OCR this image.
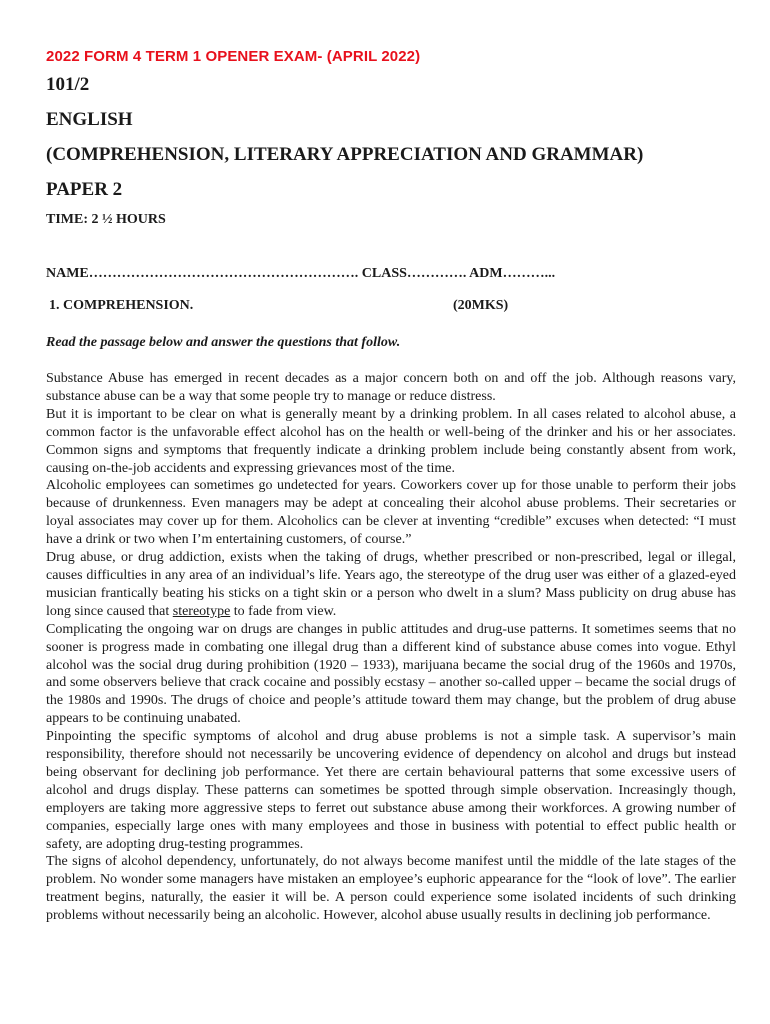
2022 FORM 4 TERM 1 OPENER EXAM- (APRIL 2022)
101/2
ENGLISH
(COMPREHENSION, LITERARY APPRECIATION AND GRAMMAR)
PAPER 2
TIME: 2 ½ HOURS
NAME…………………………………………………. CLASS…………. ADM………...
1. COMPREHENSION.	(20MKS)
Read the passage below and answer the questions that follow.

Substance Abuse has emerged in recent decades as a major concern both on and off the job. Although reasons vary, substance abuse can be a way that some people try to manage or reduce distress.

But it is important to be clear on what is generally meant by a drinking problem. In all cases related to alcohol abuse, a common factor is the unfavorable effect alcohol has on the health or well-being of the drinker and his or her associates. Common signs and symptoms that frequently indicate a drinking problem include being constantly absent from work, causing on-the-job accidents and expressing grievances most of the time.

Alcoholic employees can sometimes go undetected for years. Coworkers cover up for those unable to perform their jobs because of drunkenness. Even managers may be adept at concealing their alcohol abuse problems. Their secretaries or loyal associates may cover up for them. Alcoholics can be clever at inventing “credible” excuses when detected: “I must have a drink or two when I’m entertaining customers, of course.”

Drug abuse, or drug addiction, exists when the taking of drugs, whether prescribed or non-prescribed, legal or illegal, causes difficulties in any area of an individual’s life. Years ago, the stereotype of the drug user was either of a glazed-eyed musician frantically beating his sticks on a tight skin or a person who dwelt in a slum? Mass publicity on drug abuse has long since caused that stereotype to fade from view.

Complicating the ongoing war on drugs are changes in public attitudes and drug-use patterns. It sometimes seems that no sooner is progress made in combating one illegal drug than a different kind of substance abuse comes into vogue. Ethyl alcohol was the social drug during prohibition (1920 – 1933), marijuana became the social drug of the 1960s and 1970s, and some observers believe that crack cocaine and possibly ecstasy – another so-called upper – became the social drugs of the 1980s and 1990s. The drugs of choice and people’s attitude toward them may change, but the problem of drug abuse appears to be continuing unabated.

Pinpointing the specific symptoms of alcohol and drug abuse problems is not a simple task. A supervisor’s main responsibility, therefore should not necessarily be uncovering evidence of dependency on alcohol and drugs but instead being observant for declining job performance. Yet there are certain behavioural patterns that some excessive users of alcohol and drugs display. These patterns can sometimes be spotted through simple observation. Increasingly though, employers are taking more aggressive steps to ferret out substance abuse among their workforces. A growing number of companies, especially large ones with many employees and those in business with potential to effect public health or safety, are adopting drug-testing programmes.

The signs of alcohol dependency, unfortunately, do not always become manifest until the middle of the late stages of the problem. No wonder some managers have mistaken an employee’s euphoric appearance for the “look of love”. The earlier treatment begins, naturally, the easier it will be. A person could experience some isolated incidents of such drinking problems without necessarily being an alcoholic. However, alcohol abuse usually results in declining job performance.
